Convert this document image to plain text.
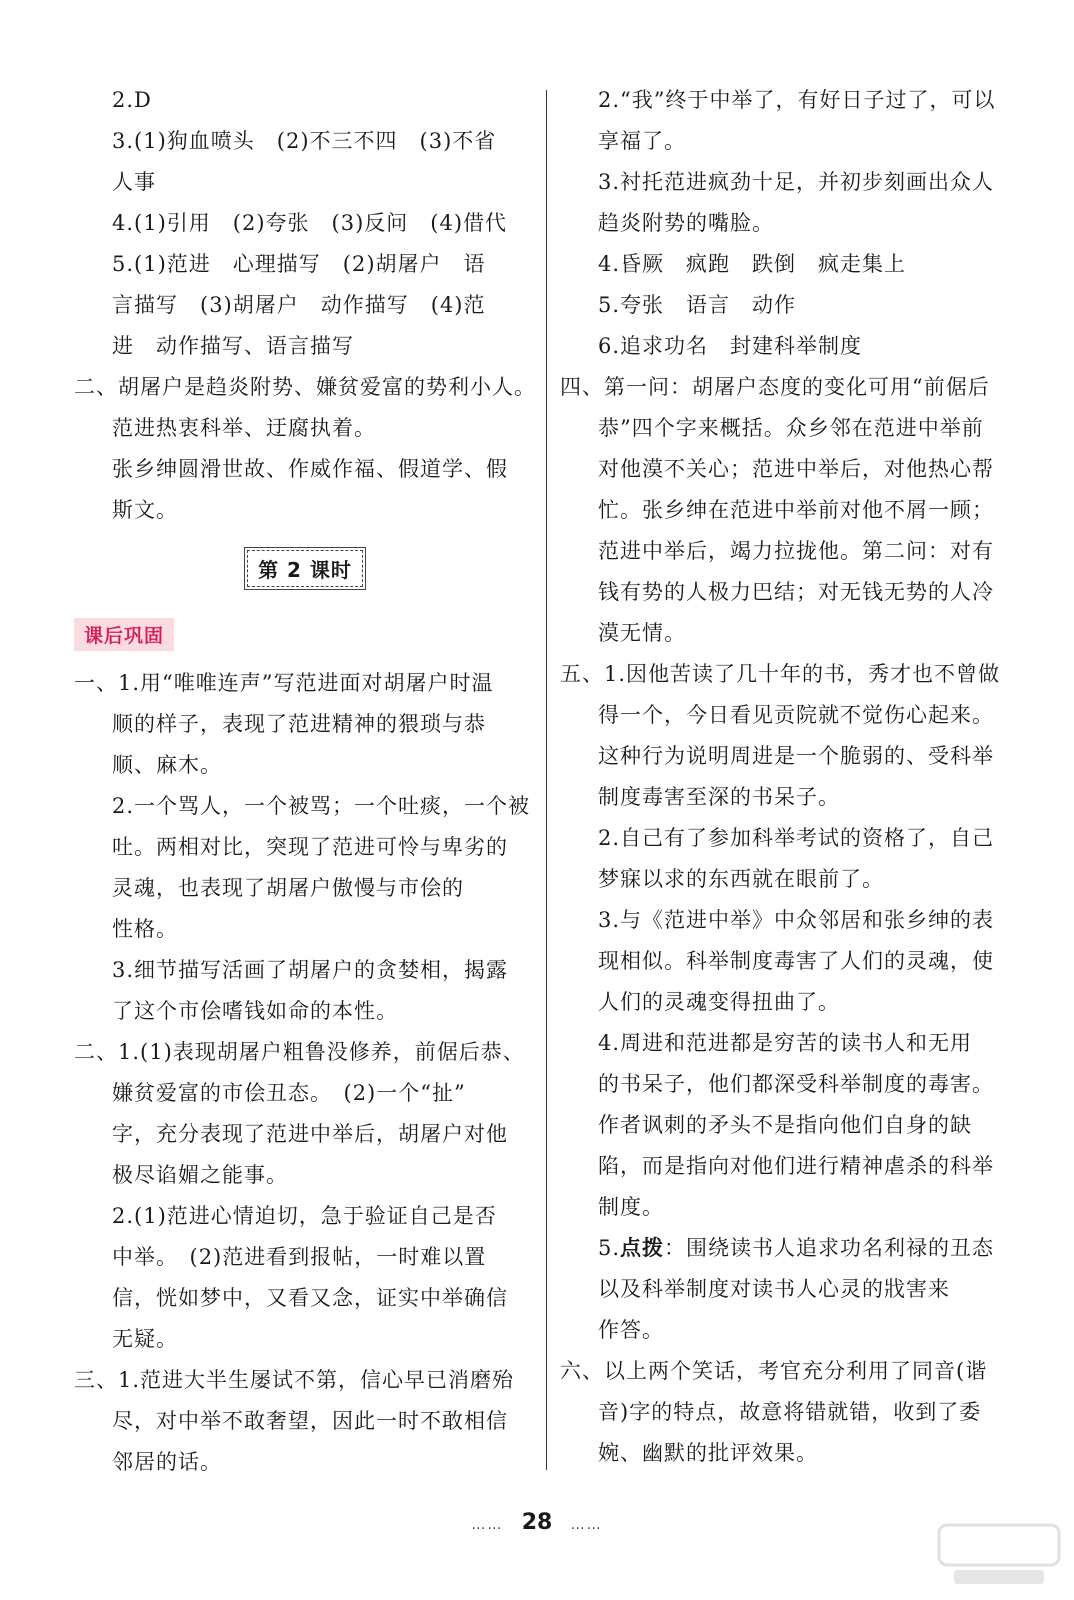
2.D
3.(1)狗血喷头　(2)不三不四　(3)不省
人事
4.(1)引用　(2)夸张　(3)反问　(4)借代
5.(1)范进　心理描写　(2)胡屠户　语
言描写　(3)胡屠户　动作描写　(4)范
进　动作描写、语言描写
二、胡屠户是趋炎附势、嫌贫爱富的势利小人。
范进热衷科举、迂腐执着。
张乡绅圆滑世故、作威作福、假道学、假
斯文。
第 2 课时
课后巩固
一、1.用“唯唯连声”写范进面对胡屠户时温
顺的样子，表现了范进精神的猥琐与恭
顺、麻木。
2.一个骂人，一个被骂；一个吐痰，一个被
吐。两相对比，突现了范进可怜与卑劣的
灵魂，也表现了胡屠户傲慢与市侩的
性格。
3.细节描写活画了胡屠户的贪婪相，揭露
了这个市侩嗜钱如命的本性。
二、1.(1)表现胡屠户粗鲁没修养，前倨后恭、
嫌贫爱富的市侩丑态。　(2)一个“扯”
字，充分表现了范进中举后，胡屠户对他
极尽谄媚之能事。
2.(1)范进心情迫切，急于验证自己是否
中举。　(2)范进看到报帖，一时难以置
信，恍如梦中，又看又念，证实中举确信
无疑。
三、1.范进大半生屡试不第，信心早已消磨殆
尽，对中举不敢奢望，因此一时不敢相信
邻居的话。
2.“我”终于中举了，有好日子过了，可以
享福了。
3.衬托范进疯劲十足，并初步刻画出众人
趋炎附势的嘴脸。
4.昏厥　疯跑　跌倒　疯走集上
5.夸张　语言　动作
6.追求功名　封建科举制度
四、第一问：胡屠户态度的变化可用“前倨后
恭”四个字来概括。众乡邻在范进中举前
对他漠不关心；范进中举后，对他热心帮
忙。张乡绅在范进中举前对他不屑一顾；
范进中举后，竭力拉拢他。第二问：对有
钱有势的人极力巴结；对无钱无势的人冷
漠无情。
五、1.因他苦读了几十年的书，秀才也不曾做
得一个，今日看见贡院就不觉伤心起来。
这种行为说明周进是一个脆弱的、受科举
制度毒害至深的书呆子。
2.自己有了参加科举考试的资格了，自己
梦寐以求的东西就在眼前了。
3.与《范进中举》中众邻居和张乡绅的表
现相似。科举制度毒害了人们的灵魂，使
人们的灵魂变得扭曲了。
4.周进和范进都是穷苦的读书人和无用
的书呆子，他们都深受科举制度的毒害。
作者讽刺的矛头不是指向他们自身的缺
陷，而是指向对他们进行精神虐杀的科举
制度。
5.点拨：围绕读书人追求功名利禄的丑态
以及科举制度对读书人心灵的戕害来
作答。
六、以上两个笑话，考官充分利用了同音(谐
音)字的特点，故意将错就错，收到了委
婉、幽默的批评效果。
…… 28 ……
